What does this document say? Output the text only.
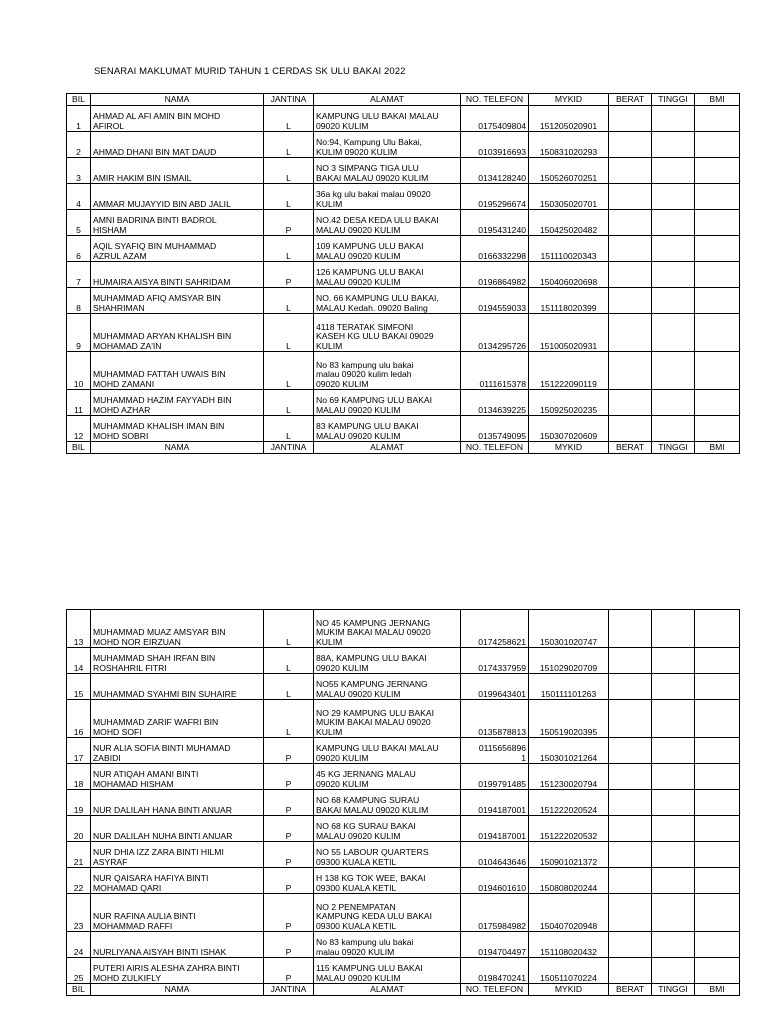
SENARAI MAKLUMAT MURID TAHUN 1 CERDAS SK ULU BAKAI 2022
BIL	NAMA	JANTINA	ALAMAT	NO. TELEFON	MYKID	BERAT	TINGGI	BMI
1	AHMAD AL AFI AMIN BIN MOHD
AFIROL	L	KAMPUNG ULU BAKAI MALAU
09020 KULIM	0175409804	151205020901			
2	AHMAD DHANI BIN MAT DAUD	L	No:94, Kampung Ulu Bakai,
KULIM 09020 KULIM	0103916693	150831020293			
3	AMIR HAKIM BIN ISMAIL	L	NO 3 SIMPANG TIGA ULU
BAKAI MALAU 09020 KULIM	0134128240	150526070251			
4	AMMAR MUJAYYID BIN ABD JALIL	L	36a kg ulu bakai malau 09020
KULIM	0195296674	150305020701			
5	AMNI BADRINA BINTI BADROL
HISHAM	P	NO.42 DESA KEDA ULU BAKAI
MALAU 09020 KULIM	0195431240	150425020482			
6	AQIL SYAFIQ BIN MUHAMMAD
AZRUL AZAM	L	109 KAMPUNG ULU BAKAI
MALAU 09020 KULIM	0166332298	151110020343			
7	HUMAIRA AISYA BINTI SAHRIDAM	P	126 KAMPUNG ULU BAKAI
MALAU 09020 KULIM	0196864982	150406020698			
8	MUHAMMAD AFIQ AMSYAR BIN
SHAHRIMAN	L	NO. 66 KAMPUNG ULU BAKAI,
MALAU Kedah. 09020 Baling	0194559033	151118020399			
9	MUHAMMAD ARYAN KHALISH BIN
MOHAMAD ZA'IN	L	4118 TERATAK SIMFONI
KASEH KG ULU BAKAI 09029
KULIM	0134295726	151005020931			
10	MUHAMMAD FATTAH UWAIS BIN
MOHD ZAMANI	L	No 83 kampung ulu bakai
malau 09020 kulim ledah
09020 KULIM	0111615378	151222090119			
11	MUHAMMAD HAZIM FAYYADH BIN
MOHD AZHAR	L	No 69 KAMPUNG ULU BAKAI
MALAU 09020 KULIM	0134639225	150925020235			
12	MUHAMMAD KHALISH IMAN BIN
MOHD SOBRI	L	83 KAMPUNG ULU BAKAI
MALAU 09020 KULIM	0135749095	150307020609			
BIL	NAMA	JANTINA	ALAMAT	NO. TELEFON	MYKID	BERAT	TINGGI	BMI
13	MUHAMMAD MUAZ AMSYAR BIN
MOHD NOR EIRZUAN	L	NO 45 KAMPUNG JERNANG
MUKIM BAKAI MALAU 09020
KULIM	0174258621	150301020747			
14	MUHAMMAD SHAH IRFAN BIN
ROSHAHRIL FITRI	L	88A, KAMPUNG ULU BAKAI
09020 KULIM	0174337959	151029020709			
15	MUHAMMAD SYAHMI BIN SUHAIRE	L	NO55 KAMPUNG JERNANG
MALAU 09020 KULIM	0199643401	150111101263			
16	MUHAMMAD ZARIF WAFRI BIN
MOHD SOFI	L	NO 29 KAMPUNG ULU BAKAI
MUKIM BAKAI MALAU 09020
KULIM	0135878813	150519020395			
17	NUR ALIA SOFIA BINTI MUHAMAD
ZABIDI	P	KAMPUNG ULU BAKAI MALAU
09020 KULIM	0115656896
1	150301021264			
18	NUR ATIQAH AMANI BINTI
MOHAMAD HISHAM	P	45 KG JERNANG MALAU
09020 KULIM	0199791485	151230020794			
19	NUR DALILAH HANA BINTI ANUAR	P	NO 68 KAMPUNG SURAU
BAKAI MALAU 09020 KULIM	0194187001	151222020524			
20	NUR DALILAH NUHA BINTI ANUAR	P	NO 68 KG SURAU BAKAI
MALAU 09020 KULIM	0194187001	151222020532			
21	NUR DHIA IZZ ZARA BINTI HILMI
ASYRAF	P	NO 55 LABOUR QUARTERS
09300 KUALA KETIL	0104643646	150901021372			
22	NUR QAISARA HAFIYA BINTI
MOHAMAD QARI	P	H 138 KG TOK WEE, BAKAI
09300 KUALA KETIL	0194601610	150808020244			
23	NUR RAFINA AULIA BINTI
MOHAMMAD RAFFI	P	NO 2 PENEMPATAN
KAMPUNG KEDA ULU BAKAI
09300 KUALA KETIL	0175984982	150407020948			
24	NURLIYANA AISYAH BINTI ISHAK	P	No 83 kampung ulu bakai
malau 09020 KULIM	0194704497	151108020432			
25	PUTERI AIRIS ALESHA ZAHRA BINTI
MOHD ZULKIFLY	P	115 KAMPUNG ULU BAKAI
MALAU 09020 KULIM	0198470241	150511070224			
BIL	NAMA	JANTINA	ALAMAT	NO. TELEFON	MYKID	BERAT	TINGGI	BMI
